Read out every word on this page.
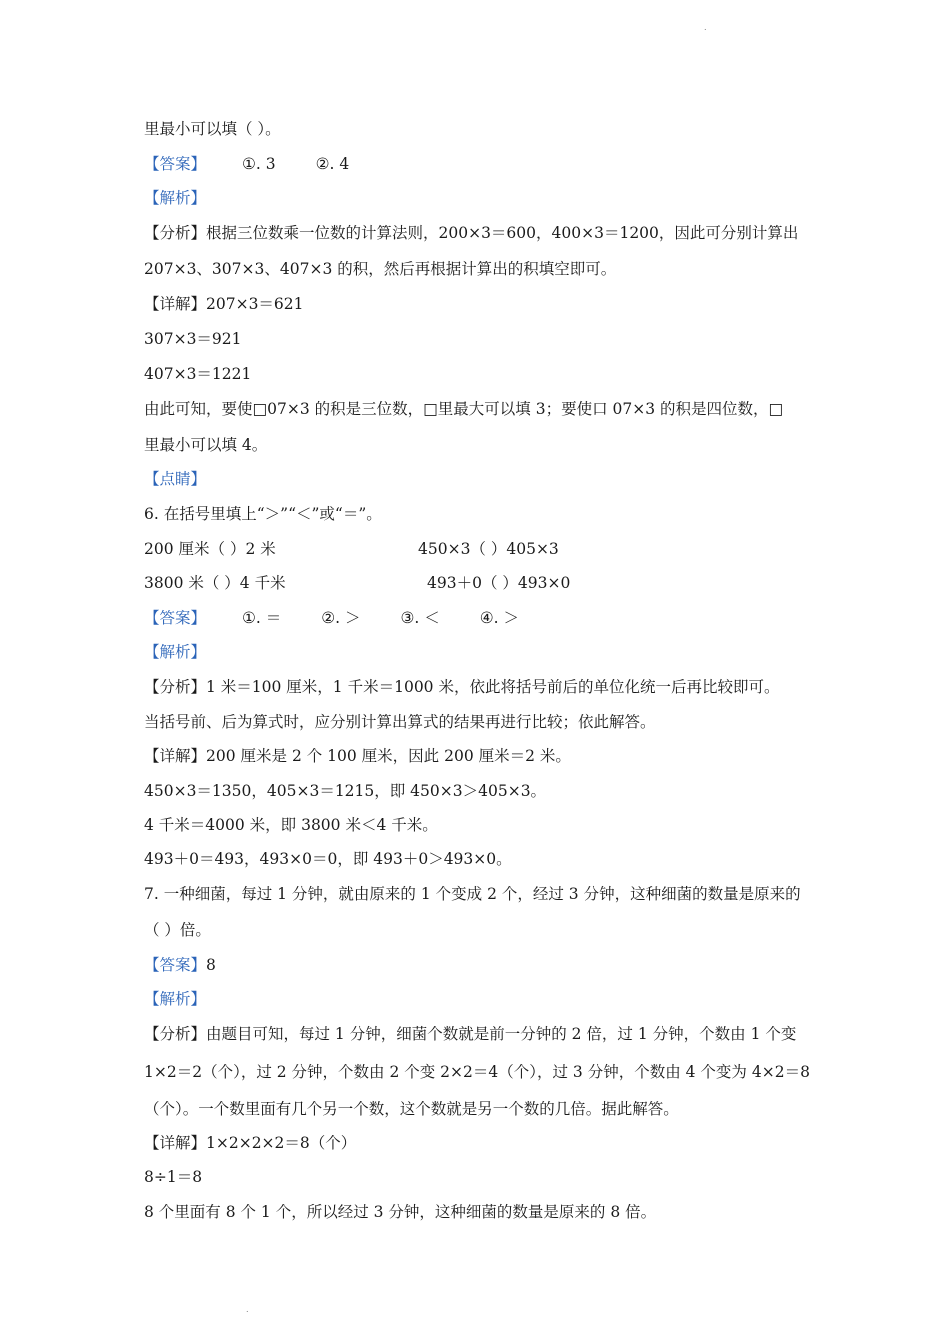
.
里最小可以填（ ）。
【答案】 ①. 3	②. 4
【解析】
【分析】根据三位数乘一位数的计算法则，200×3＝600，400×3＝1200，因此可分别计算出
207×3、307×3、407×3 的积，然后再根据计算出的积填空即可。
【详解】207×3＝621
307×3＝921
407×3＝1221
由此可知，要使□07×3 的积是三位数，□里最大可以填 3；要使口 07×3 的积是四位数，□
里最小可以填 4。
【点睛】
6. 在括号里填上“＞”“＜”或“＝”。
200 厘米（ ）2 米	450×3（ ）405×3
3800 米（ ）4 千米	493＋0（ ）493×0
【答案】 ①. ＝	②. ＞	③. ＜	④. ＞
【解析】
【分析】1 米＝100 厘米，1 千米＝1000 米，依此将括号前后的单位化统一后再比较即可。
当括号前、后为算式时，应分别计算出算式的结果再进行比较；依此解答。
【详解】200 厘米是 2 个 100 厘米，因此 200 厘米＝2 米。
450×3＝1350，405×3＝1215，即 450×3＞405×3。
4 千米＝4000 米，即 3800 米＜4 千米。
493＋0＝493，493×0＝0，即 493＋0＞493×0。
7. 一种细菌，每过 1 分钟，就由原来的 1 个变成 2 个，经过 3 分钟，这种细菌的数量是原来的
（ ）倍。
【答案】8
【解析】
【分析】由题目可知，每过 1 分钟，细菌个数就是前一分钟的 2 倍，过 1 分钟，个数由 1 个变
1×2＝2（个），过 2 分钟，个数由 2 个变 2×2＝4（个），过 3 分钟，个数由 4 个变为 4×2＝8
（个）。一个数里面有几个另一个数，这个数就是另一个数的几倍。据此解答。
【详解】1×2×2×2＝8（个）
8÷1＝8
8 个里面有 8 个 1 个，所以经过 3 分钟，这种细菌的数量是原来的 8 倍。
.
